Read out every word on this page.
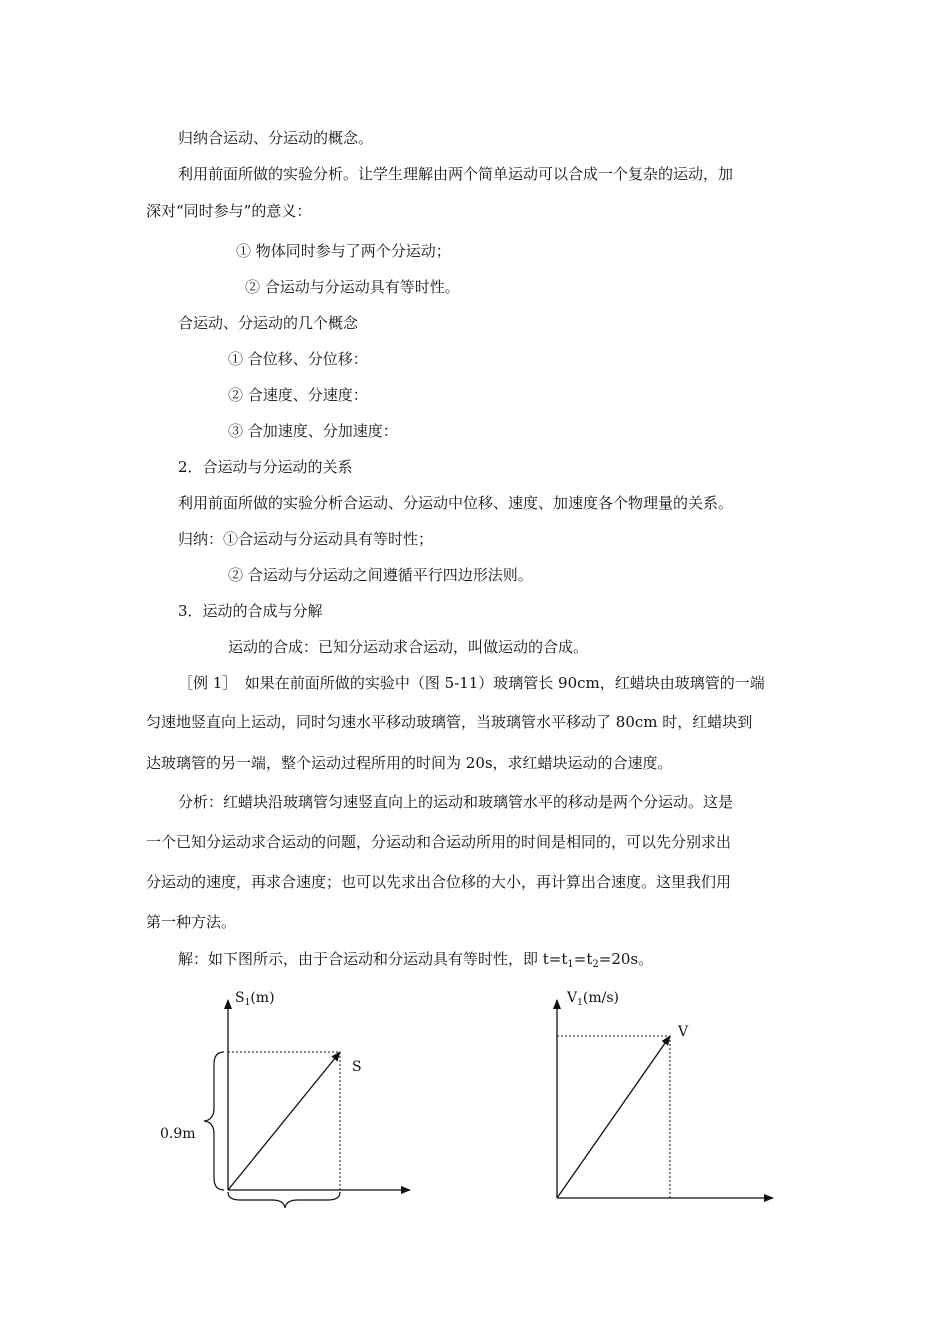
归纳合运动、分运动的概念。
利用前面所做的实验分析。让学生理解由两个简单运动可以合成一个复杂的运动，加
深对“同时参与”的意义：
① 物体同时参与了两个分运动；
② 合运动与分运动具有等时性。
合运动、分运动的几个概念
① 合位移、分位移：
② 合速度、分速度：
③ 合加速度、分加速度：
2．合运动与分运动的关系
利用前面所做的实验分析合运动、分运动中位移、速度、加速度各个物理量的关系。
归纳：①合运动与分运动具有等时性；
② 合运动与分运动之间遵循平行四边形法则。
3．运动的合成与分解
运动的合成：已知分运动求合运动，叫做运动的合成。
［例 1］　如果在前面所做的实验中（图 5-11）玻璃管长 90cm，红蜡块由玻璃管的一端
匀速地竖直向上运动，同时匀速水平移动玻璃管，当玻璃管水平移动了 80cm 时，红蜡块到
达玻璃管的另一端，整个运动过程所用的时间为 20s，求红蜡块运动的合速度。
分析：红蜡块沿玻璃管匀速竖直向上的运动和玻璃管水平的移动是两个分运动。这是
一个已知分运动求合运动的问题，分运动和合运动所用的时间是相同的，可以先分别求出
分运动的速度，再求合速度；也可以先求出合位移的大小，再计算出合速度。这里我们用
第一种方法。
解：如下图所示，由于合运动和分运动具有等时性，即 $t=t_1=t_2=20s$。
$S_1(m)$
S
0.9m
$V_1(m/s)$
V
